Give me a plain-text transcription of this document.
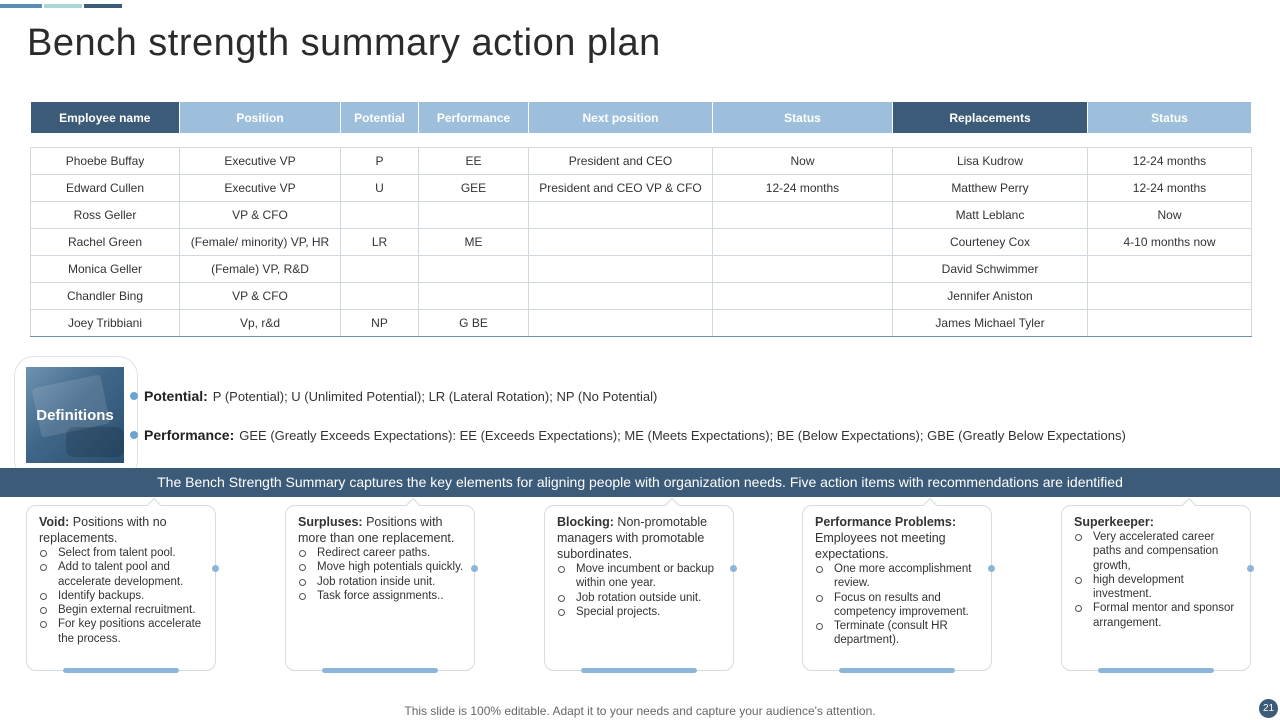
Bench strength summary action plan
Employee name	Position	Potential	Performance	Next position	Status	Replacements	Status

Phoebe Buffay	Executive VP	P	EE	President and CEO	Now	Lisa Kudrow	12-24 months
Edward Cullen	Executive VP	U	GEE	President and CEO VP & CFO	12-24 months	Matthew Perry	12-24 months
Ross Geller	VP & CFO					Matt Leblanc	Now
Rachel Green	(Female/ minority) VP, HR	LR	ME			Courteney Cox	4-10 months now
Monica Geller	(Female) VP, R&D					David Schwimmer	
Chandler Bing	VP & CFO					Jennifer Aniston	
Joey Tribbiani	Vp, r&d	NP	G BE			James Michael Tyler	
Definitions
Potential: P (Potential); U (Unlimited Potential); LR (Lateral Rotation); NP (No Potential)
Performance: GEE (Greatly Exceeds Expectations): EE (Exceeds Expectations); ME (Meets Expectations); BE (Below Expectations); GBE (Greatly Below Expectations)
The Bench Strength Summary captures the key elements for aligning people with organization needs. Five action items with recommendations are identified
Void: Positions with no replacements.
Select from talent pool.
Add to talent pool and accelerate development.
Identify backups.
Begin external recruitment.
For key positions accelerate the process.
Surpluses: Positions with more than one replacement.
Redirect career paths.
Move high potentials quickly.
Job rotation inside unit.
Task force assignments..
Blocking: Non-promotable managers with promotable subordinates.
Move incumbent or backup within one year.
Job rotation outside unit.
Special projects.
Performance Problems: Employees not meeting expectations.
One more accomplishment review.
Focus on results and competency improvement.
Terminate (consult HR department).
Superkeeper:
Very accelerated career paths and compensation growth,
high development investment.
Formal mentor and sponsor arrangement.
This slide is 100% editable. Adapt it to your needs and capture your audience's attention.	21
